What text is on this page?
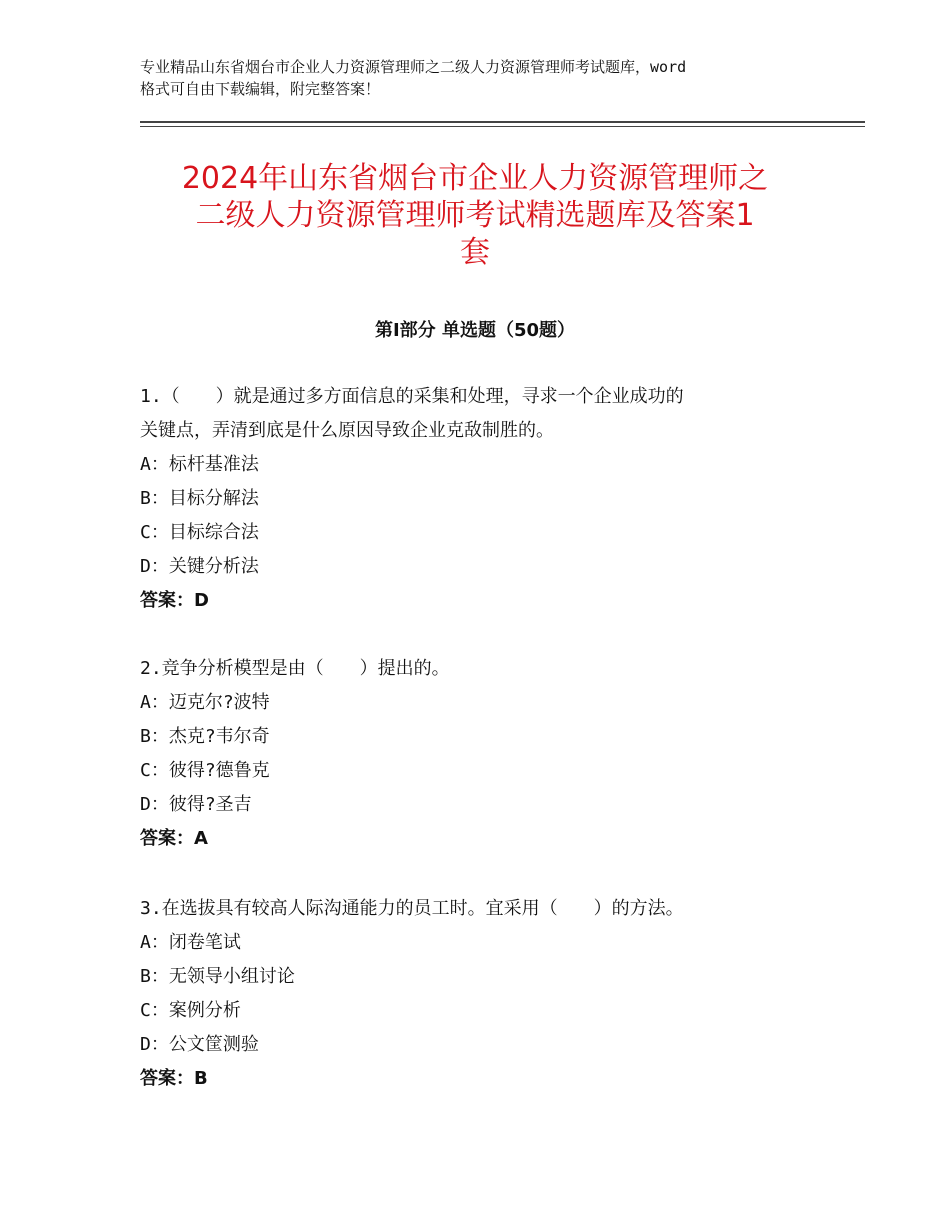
专业精品山东省烟台市企业人力资源管理师之二级人力资源管理师考试题库，word
格式可自由下载编辑，附完整答案！
2024年山东省烟台市企业人力资源管理师之
二级人力资源管理师考试精选题库及答案1
套
第Ⅰ部分 单选题（50题）
1.（　　）就是通过多方面信息的采集和处理，寻求一个企业成功的
关键点，弄清到底是什么原因导致企业克敌制胜的。
A：标杆基准法
B：目标分解法
C：目标综合法
D：关键分析法
答案：D
2.竞争分析模型是由（　　）提出的。
A：迈克尔?波特
B：杰克?韦尔奇
C：彼得?德鲁克
D：彼得?圣吉
答案：A
3.在选拔具有较高人际沟通能力的员工时。宜采用（　　）的方法。
A：闭卷笔试
B：无领导小组讨论
C：案例分析
D：公文筐测验
答案：B
